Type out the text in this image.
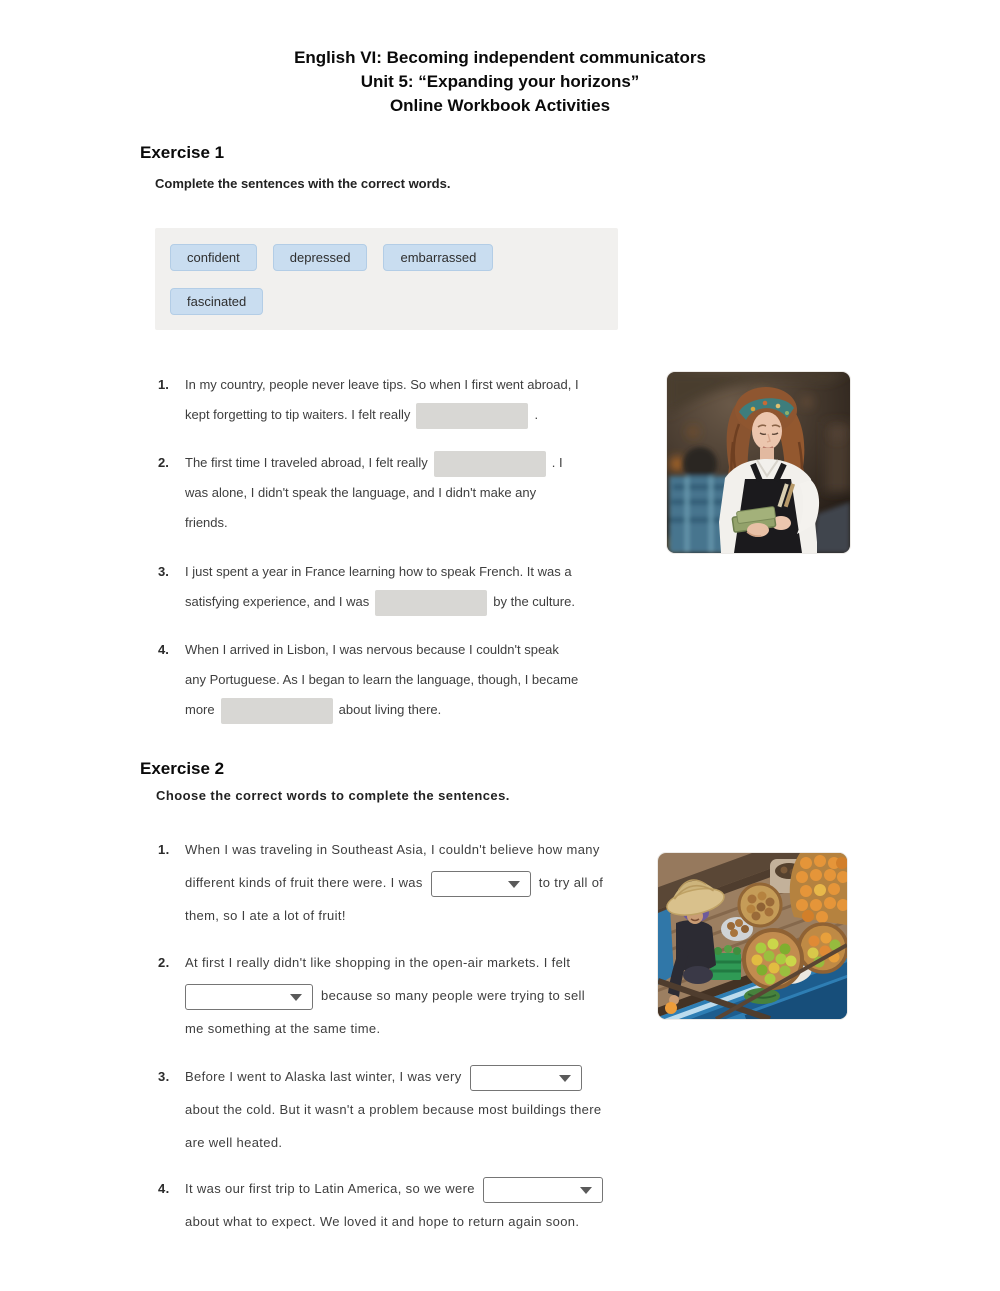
English VI: Becoming independent communicators
Unit 5: “Expanding your horizons”
Online Workbook Activities
Exercise 1

Complete the sentences with the correct words.

confident	depressed	embarrassed
fascinated
1. In my country, people never leave tips. So when I first went abroad, I
kept forgetting to tip waiters. I felt really	.
2. The first time I traveled abroad, I felt really	. I
was alone, I didn't speak the language, and I didn't make any
friends.
3. I just spent a year in France learning how to speak French. It was a
satisfying experience, and I was	by the culture.
4. When I arrived in Lisbon, I was nervous because I couldn't speak
any Portuguese. As I began to learn the language, though, I became
more	about living there.
Exercise 2

Choose the correct words to complete the sentences.

1. When I was traveling in Southeast Asia, I couldn't believe how many
different kinds of fruit there were. I was	to try all of
them, so I ate a lot of fruit!
2. At first I really didn't like shopping in the open-air markets. I felt
because so many people were trying to sell
me something at the same time.
3. Before I went to Alaska last winter, I was very
about the cold. But it wasn't a problem because most buildings there
are well heated.
4. It was our first trip to Latin America, so we were
about what to expect. We loved it and hope to return again soon.
